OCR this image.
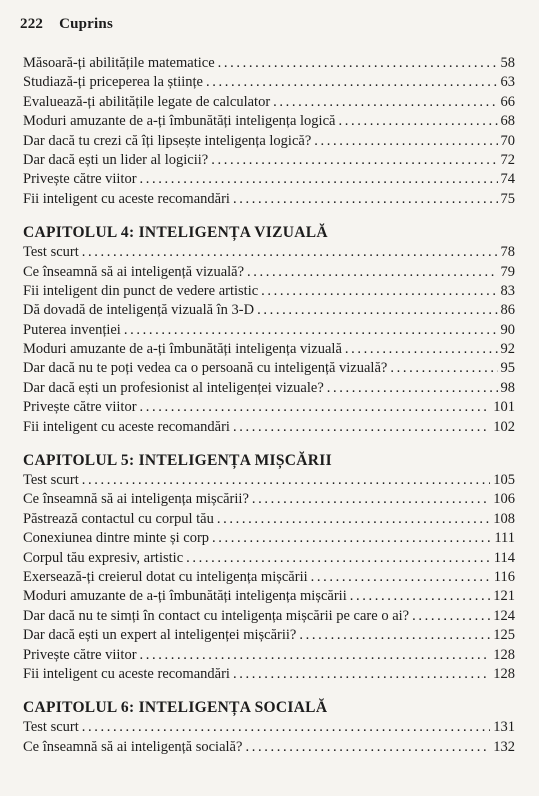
222 Cuprins
Măsoară-ți abilitățile matematice . . .	58
Studiază-ți priceperea la științe . . .	63
Evaluează-ți abilitățile legate de calculator . . .	66
Moduri amuzante de a-ți îmbunătăți inteligența logică . . .	68
Dar dacă tu crezi că îți lipsește inteligența logică? . . .	70
Dar dacă ești un lider al logicii? . . .	72
Privește către viitor . . .	74
Fii inteligent cu aceste recomandări . . .	75
CAPITOLUL 4: INTELIGENȚA VIZUALĂ
Test scurt . . .	78
Ce înseamnă să ai inteligență vizuală? . . .	79
Fii inteligent din punct de vedere artistic . . .	83
Dă dovadă de inteligență vizuală în 3-D . . .	86
Puterea invenției . . .	90
Moduri amuzante de a-ți îmbunătăți inteligența vizuală . . .	92
Dar dacă nu te poți vedea ca o persoană cu inteligență vizuală? . . .	95
Dar dacă ești un profesionist al inteligenței vizuale? . . .	98
Privește către viitor . . .	101
Fii inteligent cu aceste recomandări . . .	102
CAPITOLUL 5: INTELIGENȚA MIȘCĂRII
Test scurt . . .	105
Ce înseamnă să ai inteligența mișcării? . . .	106
Păstrează contactul cu corpul tău . . .	108
Conexiunea dintre minte și corp . . .	111
Corpul tău expresiv, artistic . . .	114
Exersează-ți creierul dotat cu inteligența mișcării . . .	116
Moduri amuzante de a-ți îmbunătăți inteligența mișcării . . .	121
Dar dacă nu te simți în contact cu inteligența mișcării pe care o ai? . . .	124
Dar dacă ești un expert al inteligenței mișcării? . . .	125
Privește către viitor . . .	128
Fii inteligent cu aceste recomandări . . .	128
CAPITOLUL 6: INTELIGENȚA SOCIALĂ
Test scurt . . .	131
Ce înseamnă să ai inteligență socială? . . .	132
